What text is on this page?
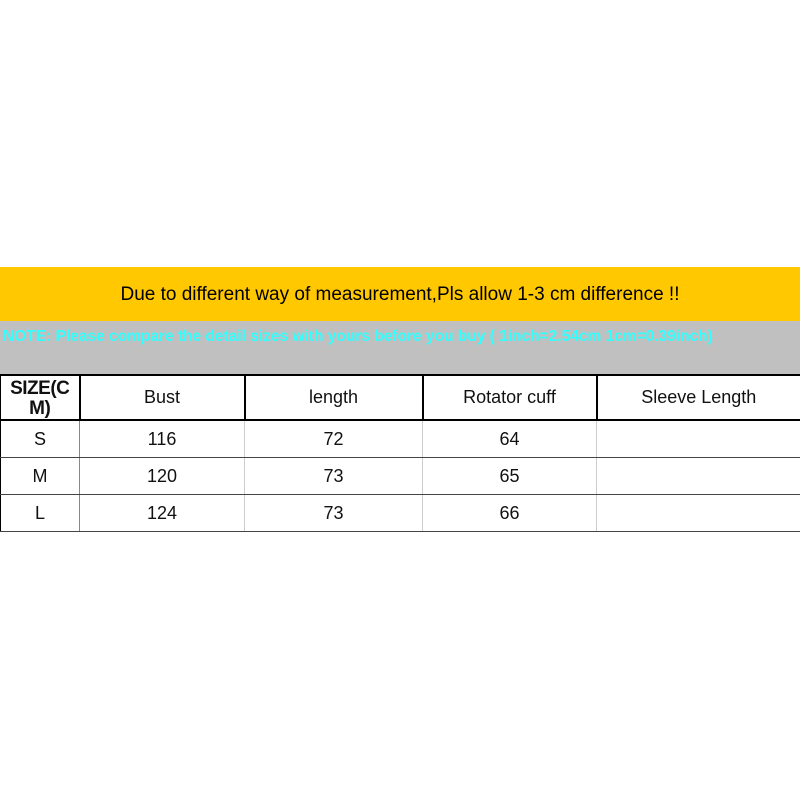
Due to different way of measurement,Pls allow 1-3 cm difference !!
NOTE: Please compare the detail sizes with yours before you buy ( 1inch=2.54cm 1cm=0.39inch)
SIZE(CM)	Bust	length	Rotator cuff	Sleeve Length
S	116	72	64	
M	120	73	65	
L	124	73	66	
